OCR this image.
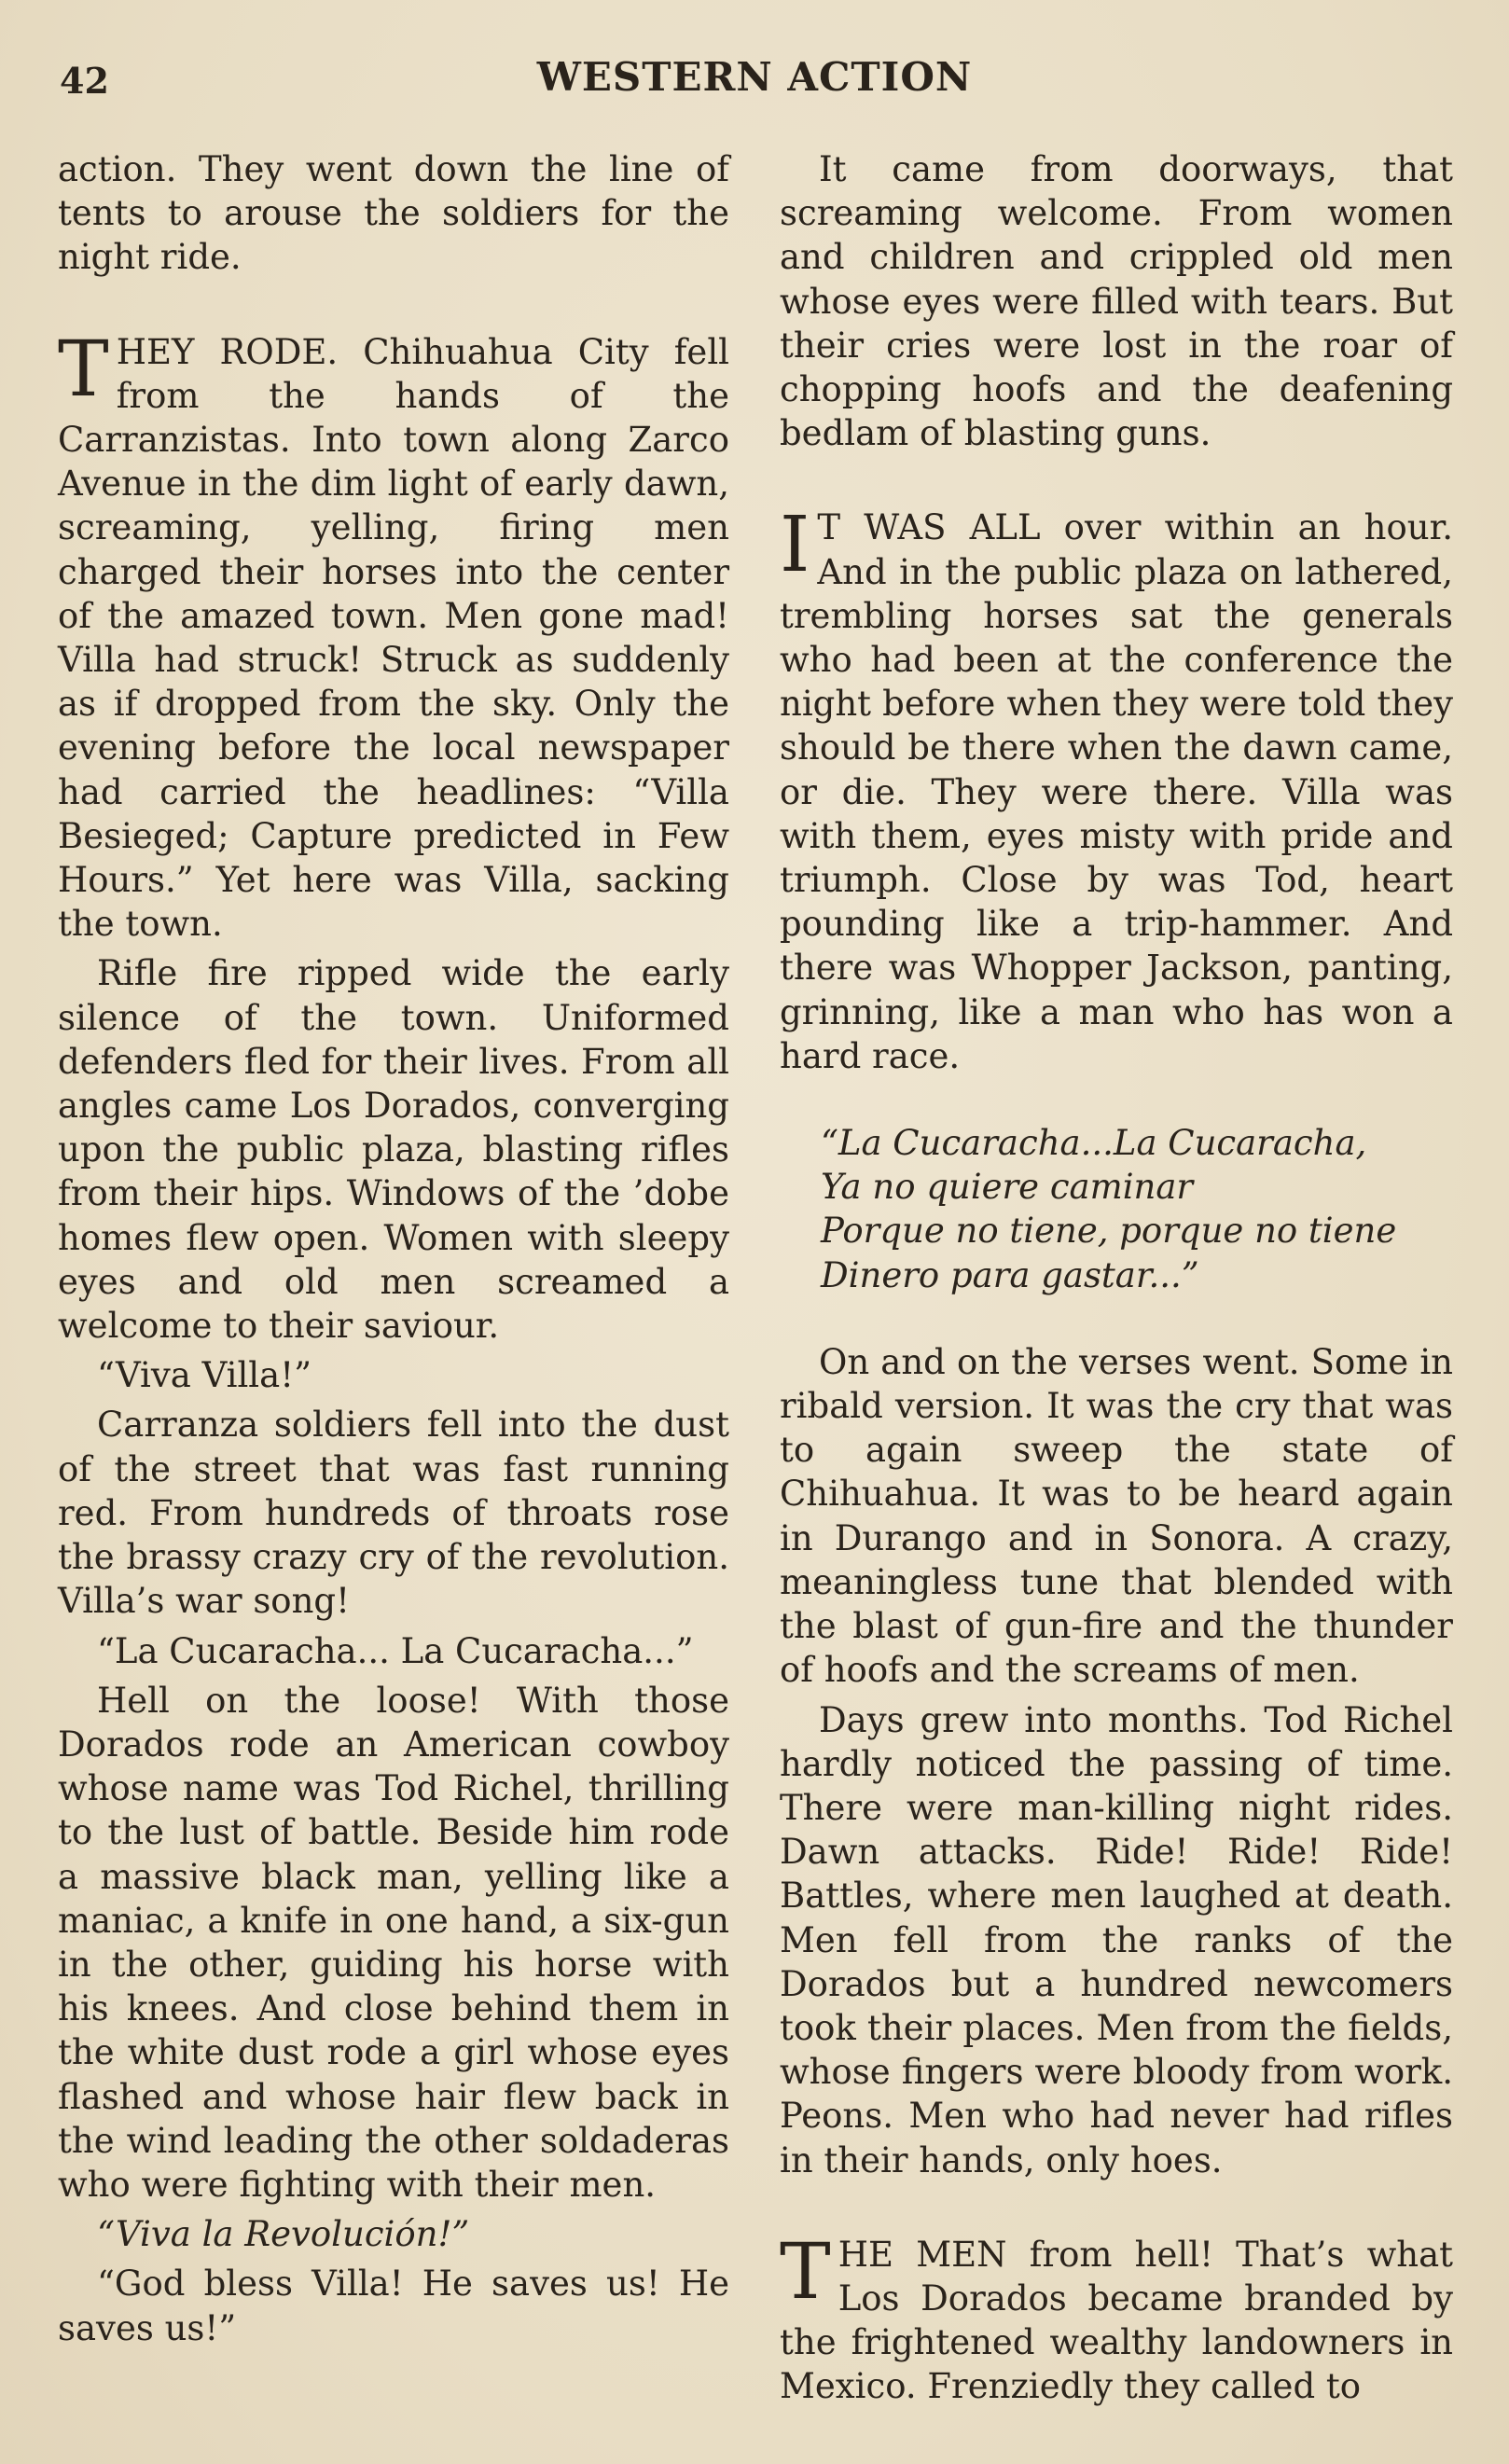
42	WESTERN ACTION

action. They went down the line of tents to arouse the soldiers for the night ride.

THEY RODE. Chihuahua City fell from the hands of the Carranzistas. Into town along Zarco Avenue in the dim light of early dawn, screaming, yelling, firing men charged their horses into the center of the amazed town. Men gone mad! Villa had struck! Struck as suddenly as if dropped from the sky. Only the evening before the local newspaper had carried the headlines: “Villa Besieged; Capture predicted in Few Hours.” Yet here was Villa, sacking the town.

Rifle fire ripped wide the early silence of the town. Uniformed defenders fled for their lives. From all angles came Los Dorados, converging upon the public plaza, blasting rifles from their hips. Windows of the ’dobe homes flew open. Women with sleepy eyes and old men screamed a welcome to their saviour.

“Viva Villa!”

Carranza soldiers fell into the dust of the street that was fast running red. From hundreds of throats rose the brassy crazy cry of the revolution. Villa’s war song!

“La Cucaracha... La Cucaracha...”

Hell on the loose! With those Dorados rode an American cowboy whose name was Tod Richel, thrilling to the lust of battle. Beside him rode a massive black man, yelling like a maniac, a knife in one hand, a six-gun in the other, guiding his horse with his knees. And close behind them in the white dust rode a girl whose eyes flashed and whose hair flew back in the wind leading the other soldaderas who were fighting with their men.

“Viva la Revolución!”

“God bless Villa! He saves us! He saves us!”

It came from doorways, that screaming welcome. From women and children and crippled old men whose eyes were filled with tears. But their cries were lost in the roar of chopping hoofs and the deafening bedlam of blasting guns.

I T WAS ALL over within an hour. And in the public plaza on lathered, trembling horses sat the generals who had been at the conference the night before when they were told they should be there when the dawn came, or die. They were there. Villa was with them, eyes misty with pride and triumph. Close by was Tod, heart pounding like a trip-hammer. And there was Whopper Jackson, panting, grinning, like a man who has won a hard race.

“La Cucaracha...La Cucaracha,
Ya no quiere caminar
Porque no tiene, porque no tiene
Dinero para gastar...”

On and on the verses went. Some in ribald version. It was the cry that was to again sweep the state of Chihuahua. It was to be heard again in Durango and in Sonora. A crazy, meaningless tune that blended with the blast of gun-fire and the thunder of hoofs and the screams of men.

Days grew into months. Tod Richel hardly noticed the passing of time. There were man-killing night rides. Dawn attacks. Ride! Ride! Ride! Battles, where men laughed at death. Men fell from the ranks of the Dorados but a hundred newcomers took their places. Men from the fields, whose fingers were bloody from work. Peons. Men who had never had rifles in their hands, only hoes.

THE MEN from hell! That’s what Los Dorados became branded by the frightened wealthy landowners in Mexico. Frenziedly they called to
